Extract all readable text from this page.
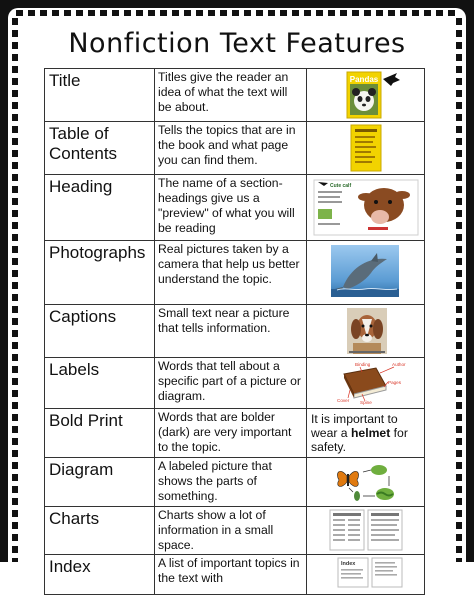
Nonfiction Text Features
Title	Titles give the reader an idea of what the text will be about.	Pandas

Table of Contents	Tells the topics that are in the book and what page you can find them.	

Heading	The name of a section- headings give us a "preview" of what you will be reading	Cute calf

Photographs	Real pictures taken by a camera that help us better understand the topic.	

Captions	Small text near a picture that tells information.	

Labels	Words that tell about a specific part of a picture or diagram.	Binding
Cover Spine
Pages
Author

Bold Print	Words that are bolder (dark) are very important to the topic.	It is important to wear a helmet for safety.

Diagram	A labeled picture that shows the parts of something.	

Charts	Charts show a lot of information in a small space.	

Index	A list of important topics in the text with	Index
